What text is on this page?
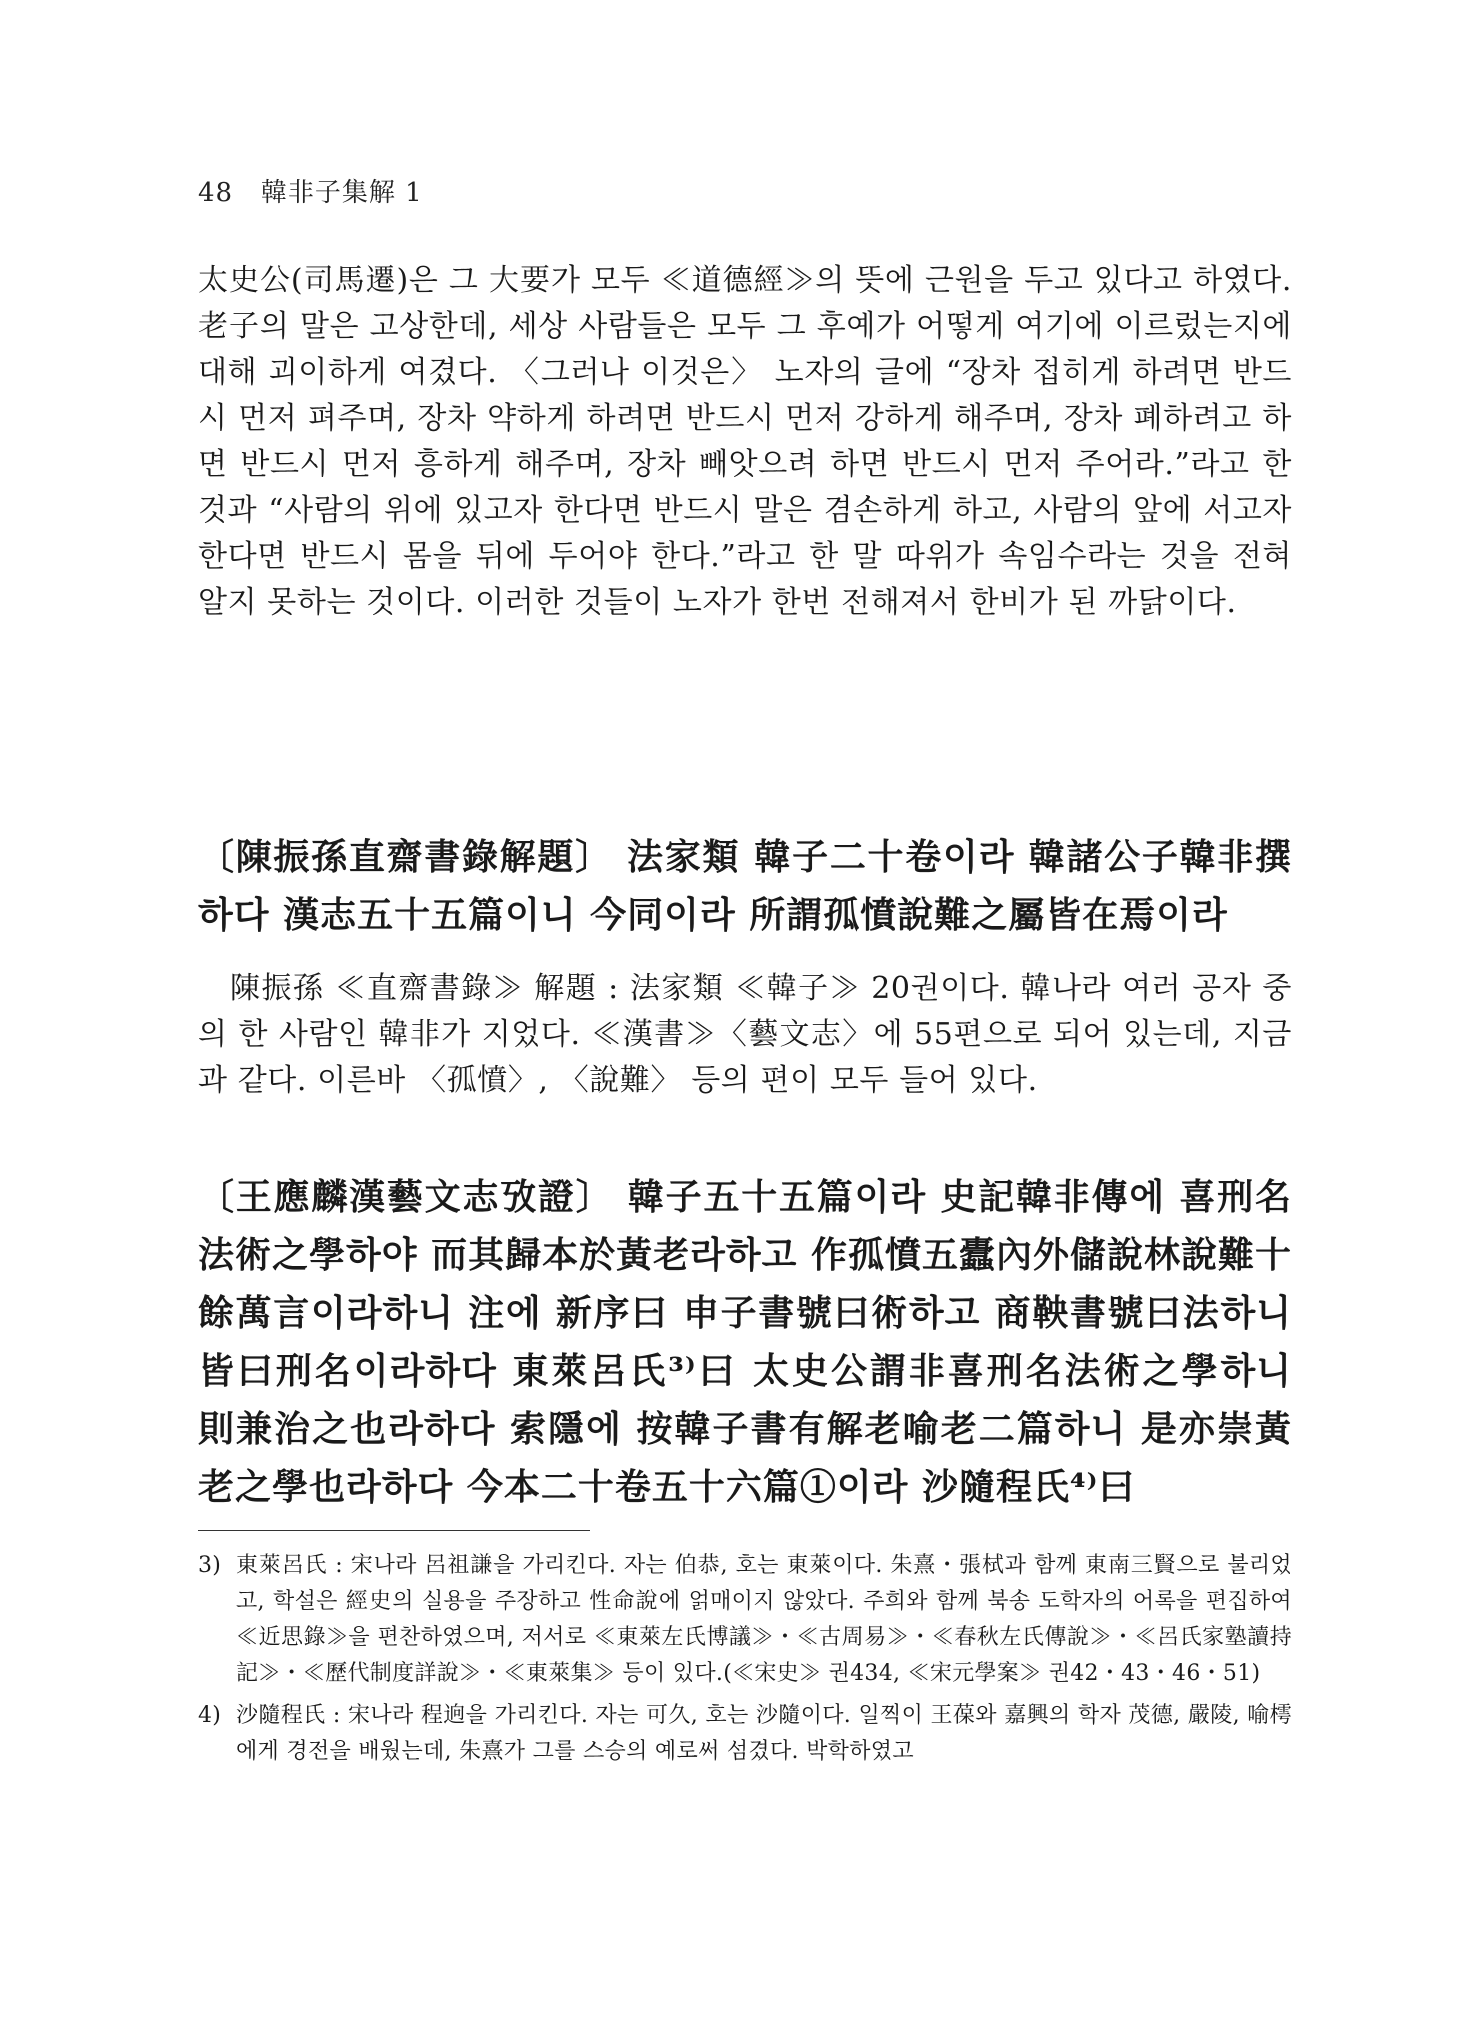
48 韓非子集解 1

太史公(司馬遷)은 그 大要가 모두 ≪道德經≫의 뜻에 근원을 두고 있다고 하였다. 老子의 말은 고상한데, 세상 사람들은 모두 그 후예가 어떻게 여기에 이르렀는지에 대해 괴이하게 여겼다. 〈그러나 이것은〉 노자의 글에 “장차 접히게 하려면 반드시 먼저 펴주며, 장차 약하게 하려면 반드시 먼저 강하게 해주며, 장차 폐하려고 하면 반드시 먼저 흥하게 해주며, 장차 빼앗으려 하면 반드시 먼저 주어라.”라고 한 것과 “사람의 위에 있고자 한다면 반드시 말은 겸손하게 하고, 사람의 앞에 서고자 한다면 반드시 몸을 뒤에 두어야 한다.”라고 한 말 따위가 속임수라는 것을 전혀 알지 못하는 것이다. 이러한 것들이 노자가 한번 전해져서 한비가 된 까닭이다.

〔陳振孫直齋書錄解題〕 法家類 韓子二十卷이라 韓諸公子韓非撰하다 漢志五十五篇이니 今同이라 所謂孤憤說難之屬皆在焉이라

陳振孫 ≪直齋書錄≫ 解題 : 法家類 ≪韓子≫ 20권이다. 韓나라 여러 공자 중의 한 사람인 韓非가 지었다. ≪漢書≫〈藝文志〉에 55편으로 되어 있는데, 지금과 같다. 이른바 〈孤憤〉, 〈說難〉 등의 편이 모두 들어 있다.

〔王應麟漢藝文志攷證〕 韓子五十五篇이라 史記韓非傳에 喜刑名法術之學하야 而其歸本於黃老라하고 作孤憤五蠹內外儲說林說難十餘萬言이라하니 注에 新序曰 申子書號曰術하고 商鞅書號曰法하니 皆曰刑名이라하다 東萊呂氏³⁾曰 太史公謂非喜刑名法術之學하니 則兼治之也라하다 索隱에 按韓子書有解老喻老二篇하니 是亦崇黃老之學也라하다 今本二十卷五十六篇①이라 沙隨程氏⁴⁾曰

3) 東萊呂氏 : 宋나라 呂祖謙을 가리킨다. 자는 伯恭, 호는 東萊이다. 朱熹・張栻과 함께 東南三賢으로 불리었고, 학설은 經史의 실용을 주장하고 性命說에 얽매이지 않았다. 주희와 함께 북송 도학자의 어록을 편집하여 ≪近思錄≫을 편찬하였으며, 저서로 ≪東萊左氏博議≫・≪古周易≫・≪春秋左氏傳說≫・≪呂氏家塾讀持記≫・≪歷代制度詳說≫・≪東萊集≫ 등이 있다.(≪宋史≫ 권434, ≪宋元學案≫ 권42・43・46・51)
4) 沙隨程氏 : 宋나라 程逈을 가리킨다. 자는 可久, 호는 沙隨이다. 일찍이 王葆와 嘉興의 학자 茂德, 嚴陵, 喻樗에게 경전을 배웠는데, 朱熹가 그를 스승의 예로써 섬겼다. 박학하였고
